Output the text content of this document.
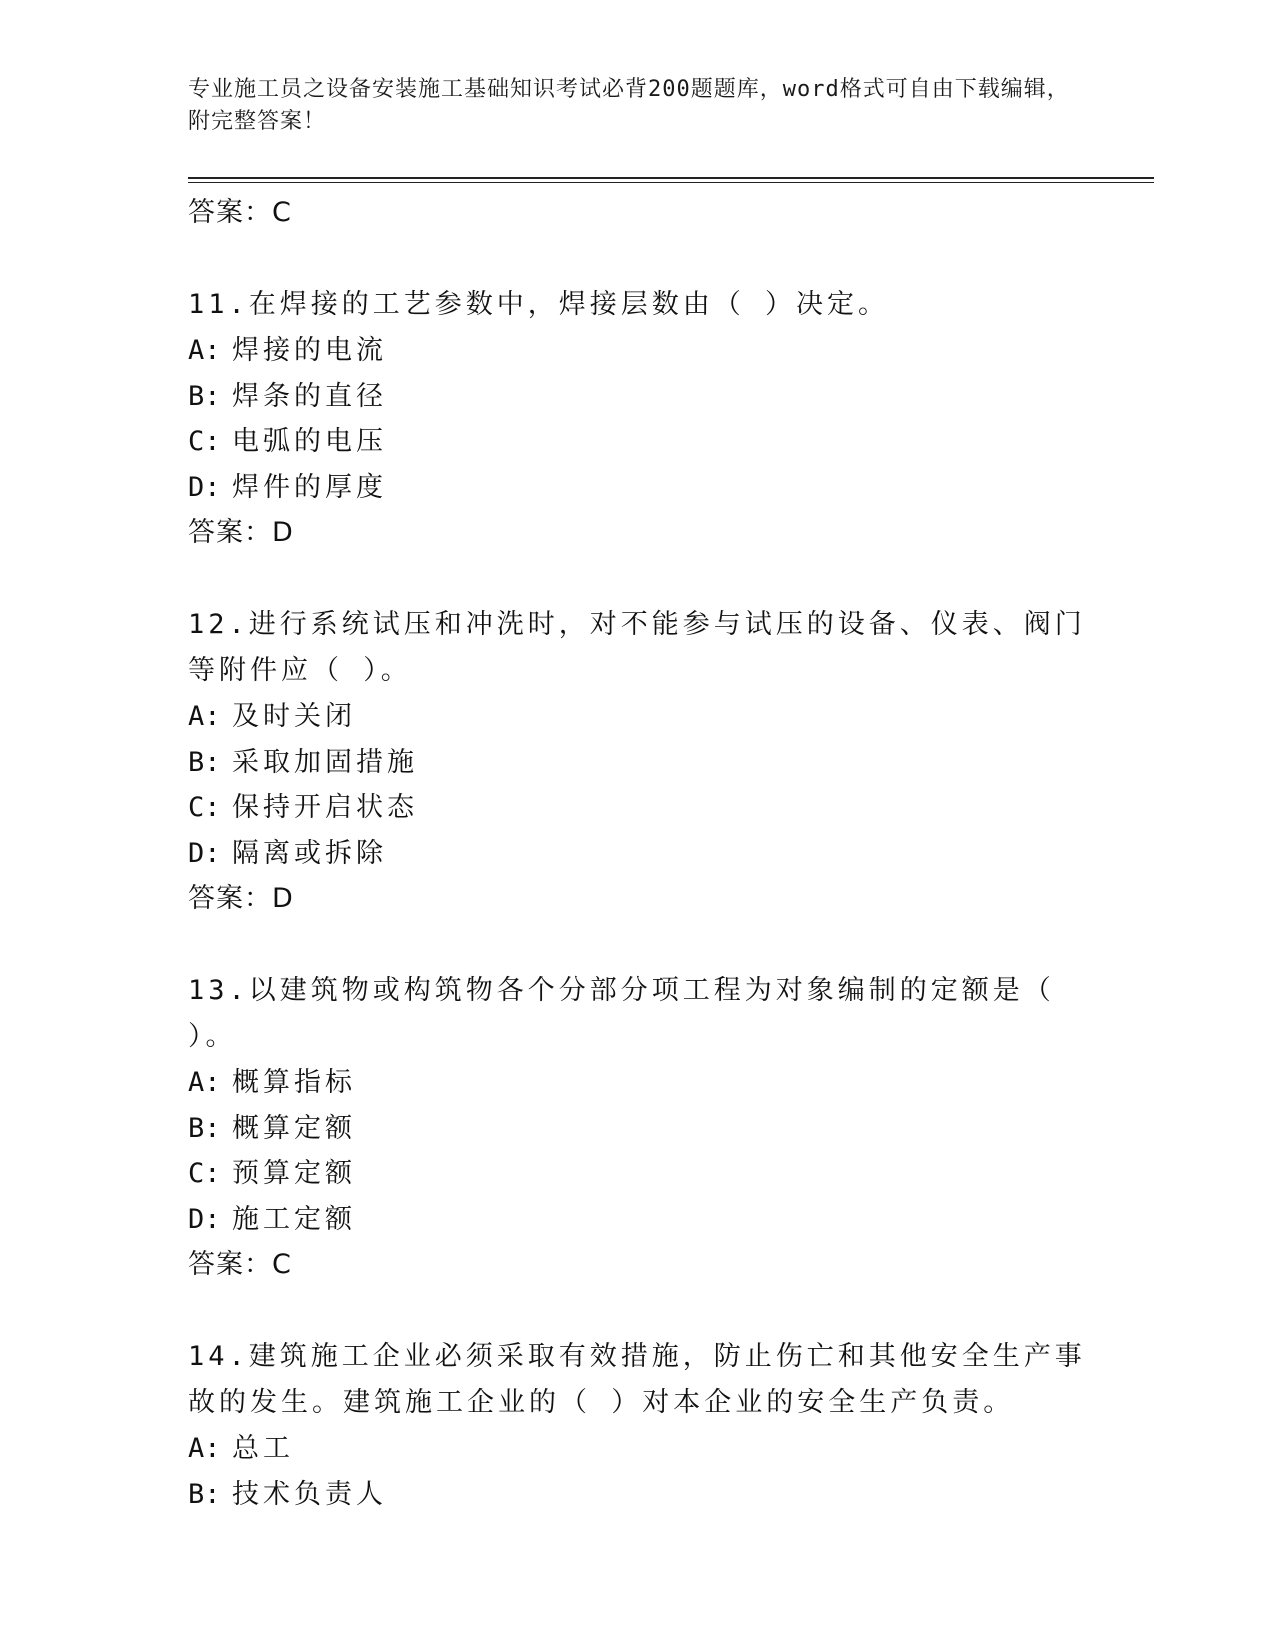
专业施工员之设备安装施工基础知识考试必背200题题库，word格式可自由下载编辑，附完整答案！
答案：C
11.在焊接的工艺参数中，焊接层数由（ ）决定。
A: 焊接的电流
B: 焊条的直径
C: 电弧的电压
D: 焊件的厚度
答案：D
12.进行系统试压和冲洗时，对不能参与试压的设备、仪表、阀门等附件应（ ）。
A: 及时关闭
B: 采取加固措施
C: 保持开启状态
D: 隔离或拆除
答案：D
13.以建筑物或构筑物各个分部分项工程为对象编制的定额是（ ）。
A: 概算指标
B: 概算定额
C: 预算定额
D: 施工定额
答案：C
14.建筑施工企业必须采取有效措施，防止伤亡和其他安全生产事故的发生。建筑施工企业的（ ）对本企业的安全生产负责。
A: 总工
B: 技术负责人
